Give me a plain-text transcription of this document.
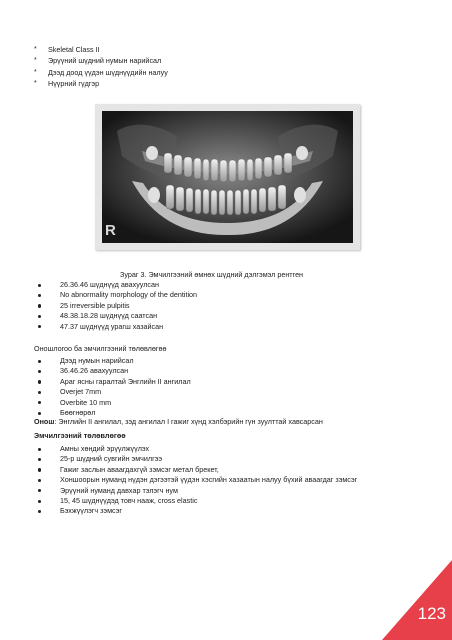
*	Skeletal Class II
*	Эрүүний шүдний нумын нарийсал
*	Дээд доод үүдэн шүднүүдийн налуу
*	Нүүрний гүдгэр
R
Зураг 3. Эмчилгээний өмнөх шүдний дэлгэмэл рентген
26.36.46 шүднүүд авахуулсан
No abnormality morphology of the dentition
25 irreversible pulpitis
48.38.18.28 шүднүүд саатсан
47.37 шүднүүд урагш хазайсан
Оношлогоо ба эмчилгээний төлөвлөгөө
Дээд нумын нарийсал
36.46.26 авахуулсан
Араг ясны гаралтай Энглийн II ангилал
Overjet 7mm
Overbite 10 mm
Бөөгнөрөл
Онош: Энглийн II ангилал, зэд ангилал I гажиг хүнд хэлбэрийн гүн зуулттай хавсарсан
Эмчилгээний төлөвлөгөө
Амны хөндий эрүүлжүүлэх
25-р шүдний сувгийн эмчилгээ
Гажиг заслын аваагдахгүй зэмсэг метал брекет,
Хоншоорын нуманд нүдэн дэгээтэй үүдэн хэсгийн хазаатын налуу бүхий аваагдаг зэмсэг
Эрүүний нуманд давхар тэлэгч нум
15, 45 шүднүүдэд товч нааж, cross elastic
Бэхжүүлэгч зэмсэг
123
